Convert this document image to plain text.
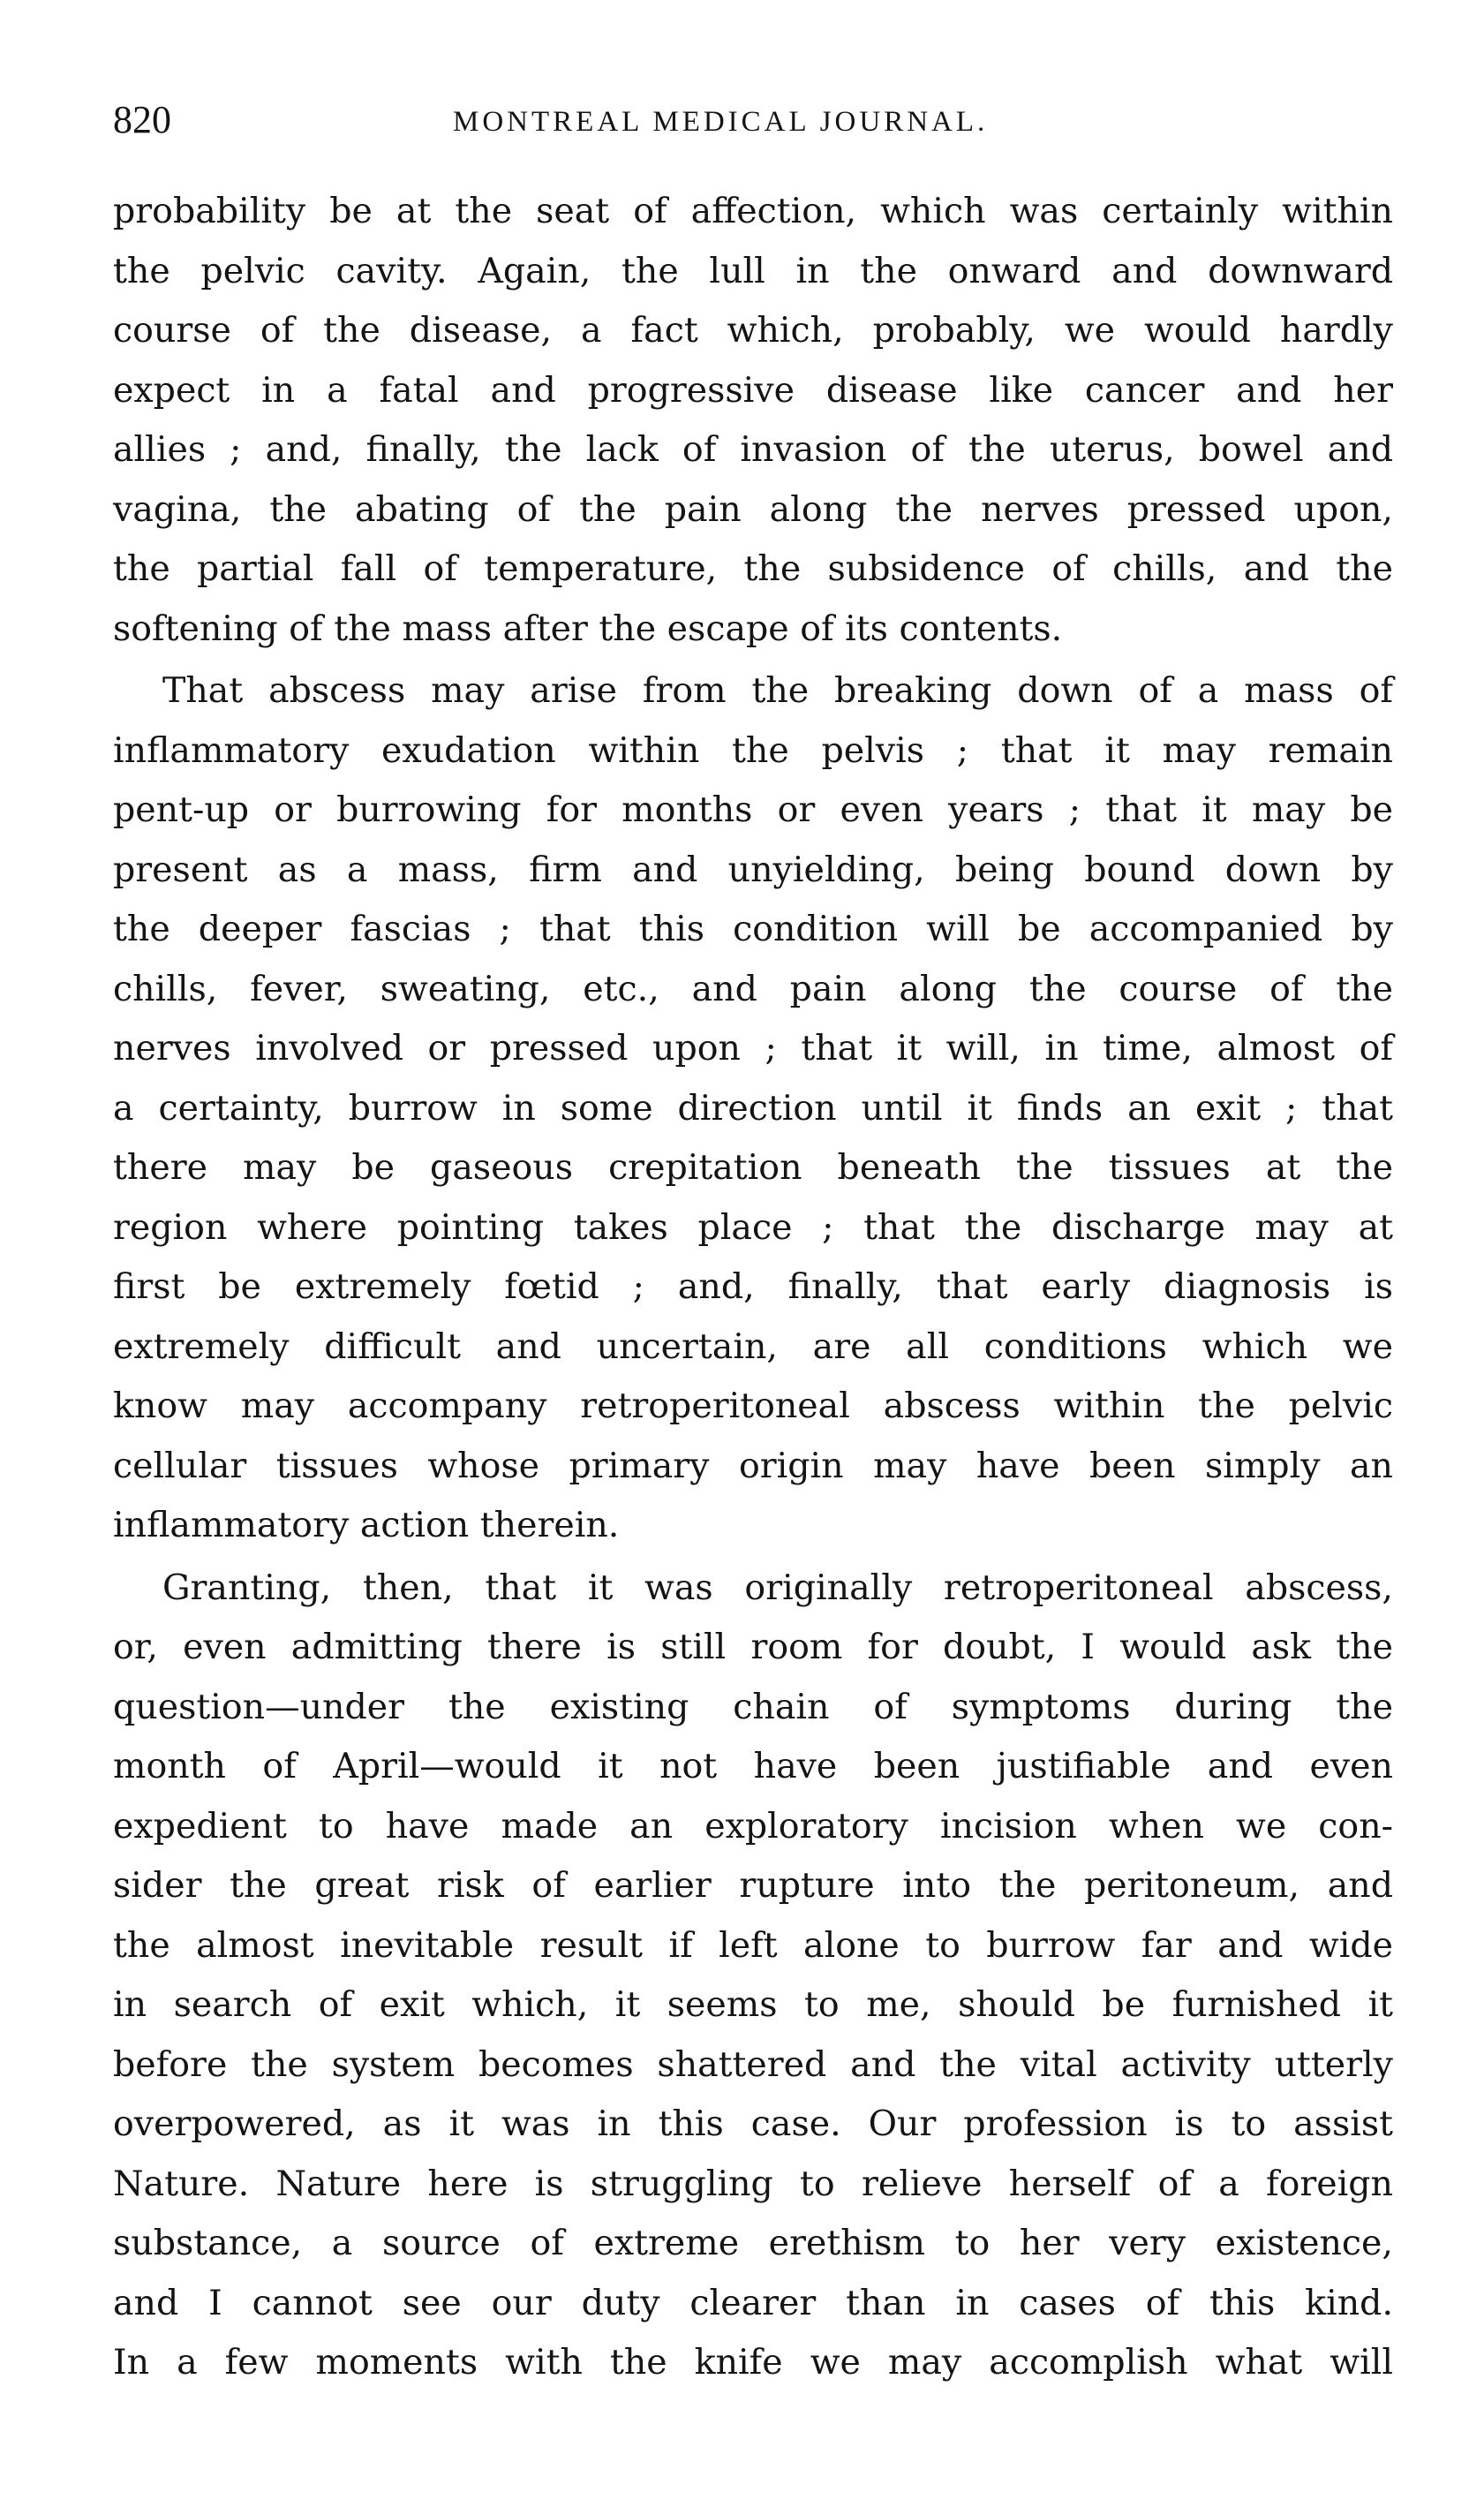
820	MONTREAL MEDICAL JOURNAL.
probability be at the seat of affection, which was certainly within
the pelvic cavity. Again, the lull in the onward and downward
course of the disease, a fact which, probably, we would hardly
expect in a fatal and progressive disease like cancer and her
allies ; and, finally, the lack of invasion of the uterus, bowel and
vagina, the abating of the pain along the nerves pressed upon,
the partial fall of temperature, the subsidence of chills, and the
softening of the mass after the escape of its contents.
That abscess may arise from the breaking down of a mass of
inflammatory exudation within the pelvis ; that it may remain
pent-up or burrowing for months or even years ; that it may be
present as a mass, firm and unyielding, being bound down by
the deeper fascias ; that this condition will be accompanied by
chills, fever, sweating, etc., and pain along the course of the
nerves involved or pressed upon ; that it will, in time, almost of
a certainty, burrow in some direction until it finds an exit ; that
there may be gaseous crepitation beneath the tissues at the
region where pointing takes place ; that the discharge may at
first be extremely fœtid ; and, finally, that early diagnosis is
extremely difficult and uncertain, are all conditions which we
know may accompany retroperitoneal abscess within the pelvic
cellular tissues whose primary origin may have been simply an
inflammatory action therein.
Granting, then, that it was originally retroperitoneal abscess,
or, even admitting there is still room for doubt, I would ask the
question—under the existing chain of symptoms during the
month of April—would it not have been justifiable and even
expedient to have made an exploratory incision when we con-
sider the great risk of earlier rupture into the peritoneum, and
the almost inevitable result if left alone to burrow far and wide
in search of exit which, it seems to me, should be furnished it
before the system becomes shattered and the vital activity utterly
overpowered, as it was in this case. Our profession is to assist
Nature. Nature here is struggling to relieve herself of a foreign
substance, a source of extreme erethism to her very existence,
and I cannot see our duty clearer than in cases of this kind.
In a few moments with the knife we may accomplish what will
